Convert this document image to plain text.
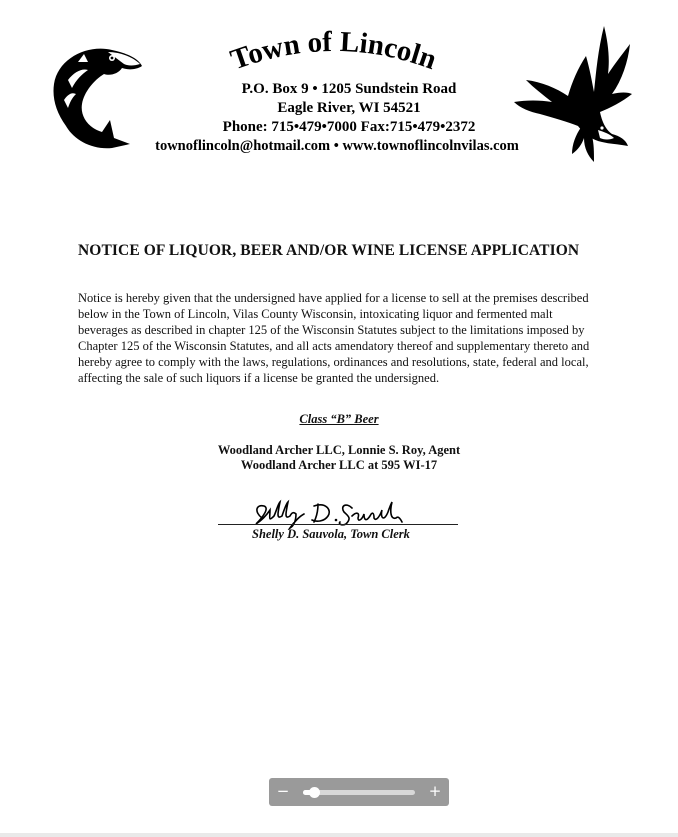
Town of Lincoln
P.O. Box 9 • 1205 Sundstein Road
Eagle River, WI 54521
Phone: 715•479•7000 Fax:715•479•2372
townoflincoln@hotmail.com • www.townoflincolnvilas.com
NOTICE OF LIQUOR, BEER AND/OR WINE LICENSE APPLICATION

Notice is hereby given that the undersigned have applied for a license to sell at the premises described below in the Town of Lincoln, Vilas County Wisconsin, intoxicating liquor and fermented malt beverages as described in chapter 125 of the Wisconsin Statutes subject to the limitations imposed by Chapter 125 of the Wisconsin Statutes, and all acts amendatory thereof and supplementary thereto and hereby agree to comply with the laws, regulations, ordinances and resolutions, state, federal and local, affecting the sale of such liquors if a license be granted the undersigned.

Class “B” Beer
Woodland Archer LLC, Lonnie S. Roy, Agent
Woodland Archer LLC at 595 WI-17
Shelly D. Sauvola, Town Clerk
−	+
